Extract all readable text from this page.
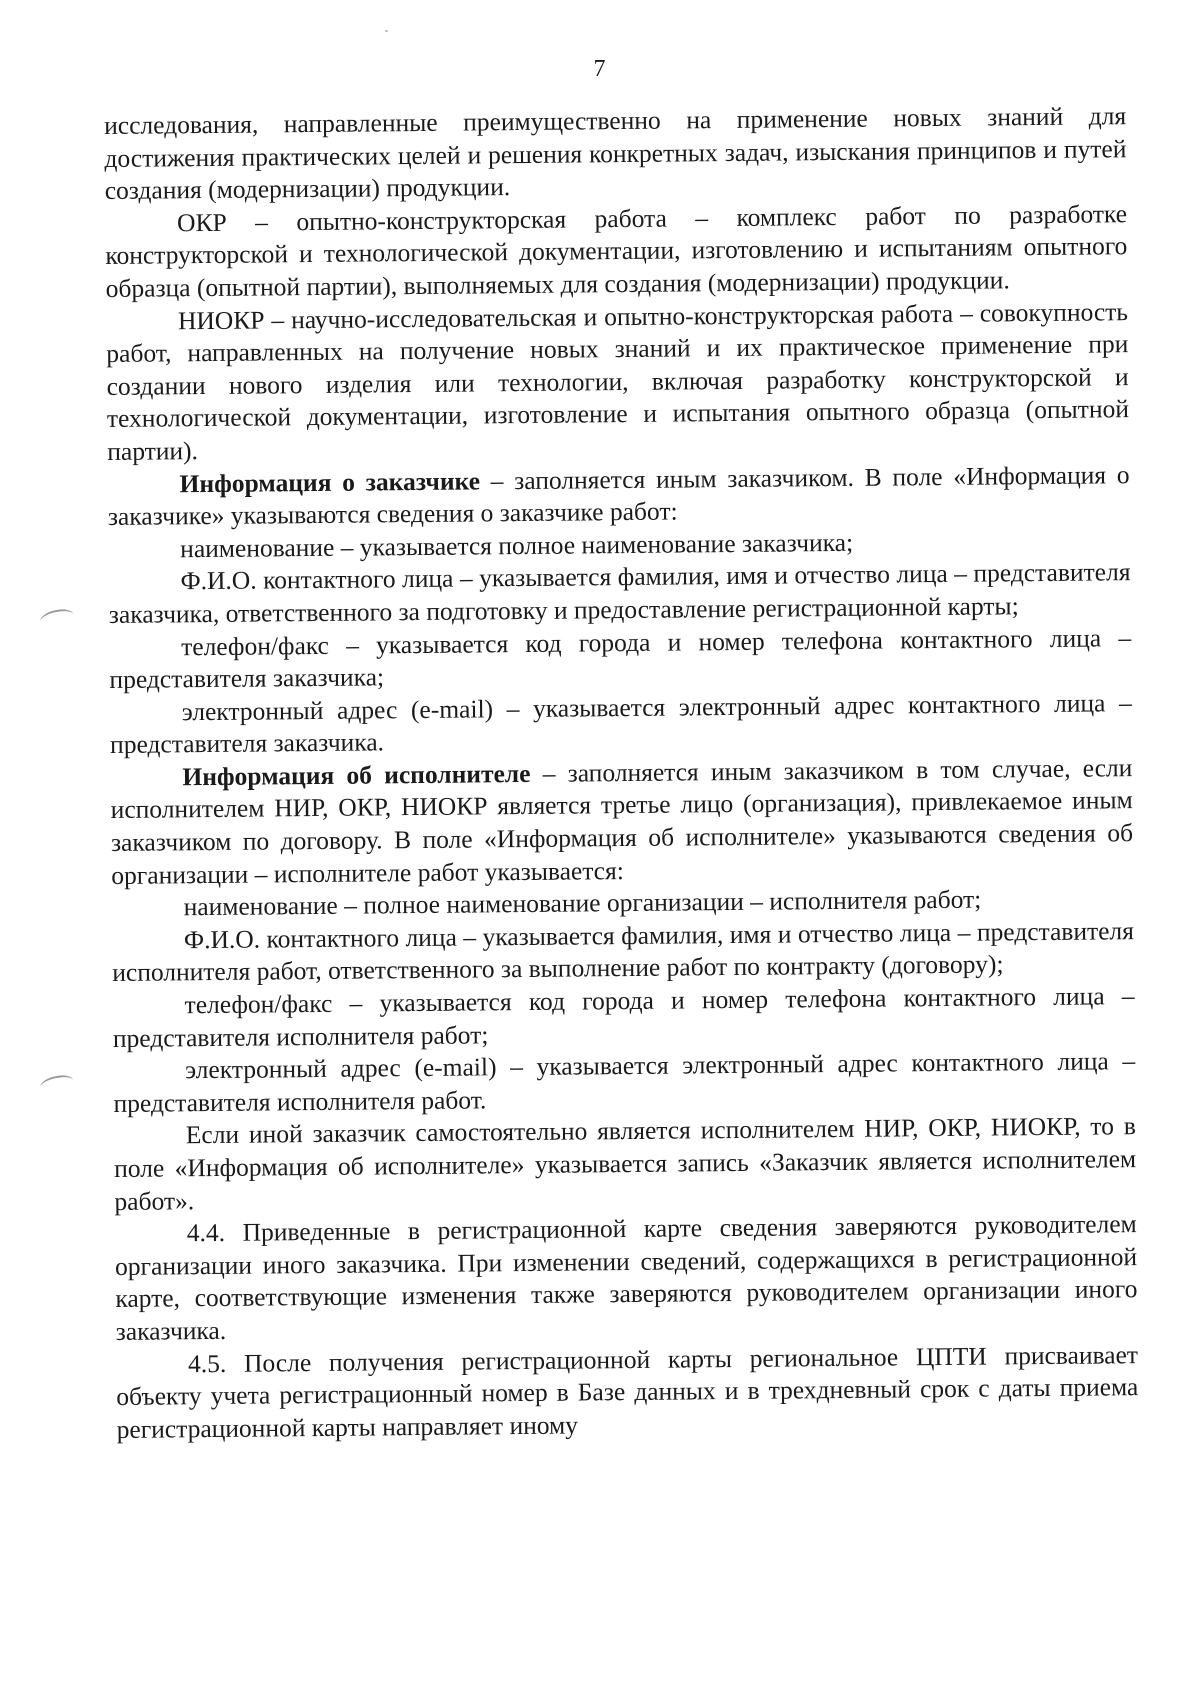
7

исследования, направленные преимущественно на применение новых знаний для достижения практических целей и решения конкретных задач, изыскания принципов и путей создания (модернизации) продукции.

ОКР – опытно-конструкторская работа – комплекс работ по разработке конструкторской и технологической документации, изготовлению и испытаниям опытного образца (опытной партии), выполняемых для создания (модернизации) продукции.

НИОКР – научно-исследовательская и опытно-конструкторская работа – совокупность работ, направленных на получение новых знаний и их практическое применение при создании нового изделия или технологии, включая разработку конструкторской и технологической документации, изготовление и испытания опытного образца (опытной партии).

Информация о заказчике – заполняется иным заказчиком. В поле «Информация о заказчике» указываются сведения о заказчике работ:

наименование – указывается полное наименование заказчика;

Ф.И.О. контактного лица – указывается фамилия, имя и отчество лица – представителя заказчика, ответственного за подготовку и предоставление регистрационной карты;

телефон/факс – указывается код города и номер телефона контактного лица – представителя заказчика;

электронный адрес (e-mail) – указывается электронный адрес контактного лица – представителя заказчика.

Информация об исполнителе – заполняется иным заказчиком в том случае, если исполнителем НИР, ОКР, НИОКР является третье лицо (организация), привлекаемое иным заказчиком по договору. В поле «Информация об исполнителе» указываются сведения об организации – исполнителе работ указывается:

наименование – полное наименование организации – исполнителя работ;

Ф.И.О. контактного лица – указывается фамилия, имя и отчество лица – представителя исполнителя работ, ответственного за выполнение работ по контракту (договору);

телефон/факс – указывается код города и номер телефона контактного лица – представителя исполнителя работ;

электронный адрес (e-mail) – указывается электронный адрес контактного лица – представителя исполнителя работ.

Если иной заказчик самостоятельно является исполнителем НИР, ОКР, НИОКР, то в поле «Информация об исполнителе» указывается запись «Заказчик является исполнителем работ».

4.4. Приведенные в регистрационной карте сведения заверяются руководителем организации иного заказчика. При изменении сведений, содержащихся в регистрационной карте, соответствующие изменения также заверяются руководителем организации иного заказчика.

4.5. После получения регистрационной карты региональное ЦПТИ присваивает объекту учета регистрационный номер в Базе данных и в трехдневный срок с даты приема регистрационной карты направляет иному
